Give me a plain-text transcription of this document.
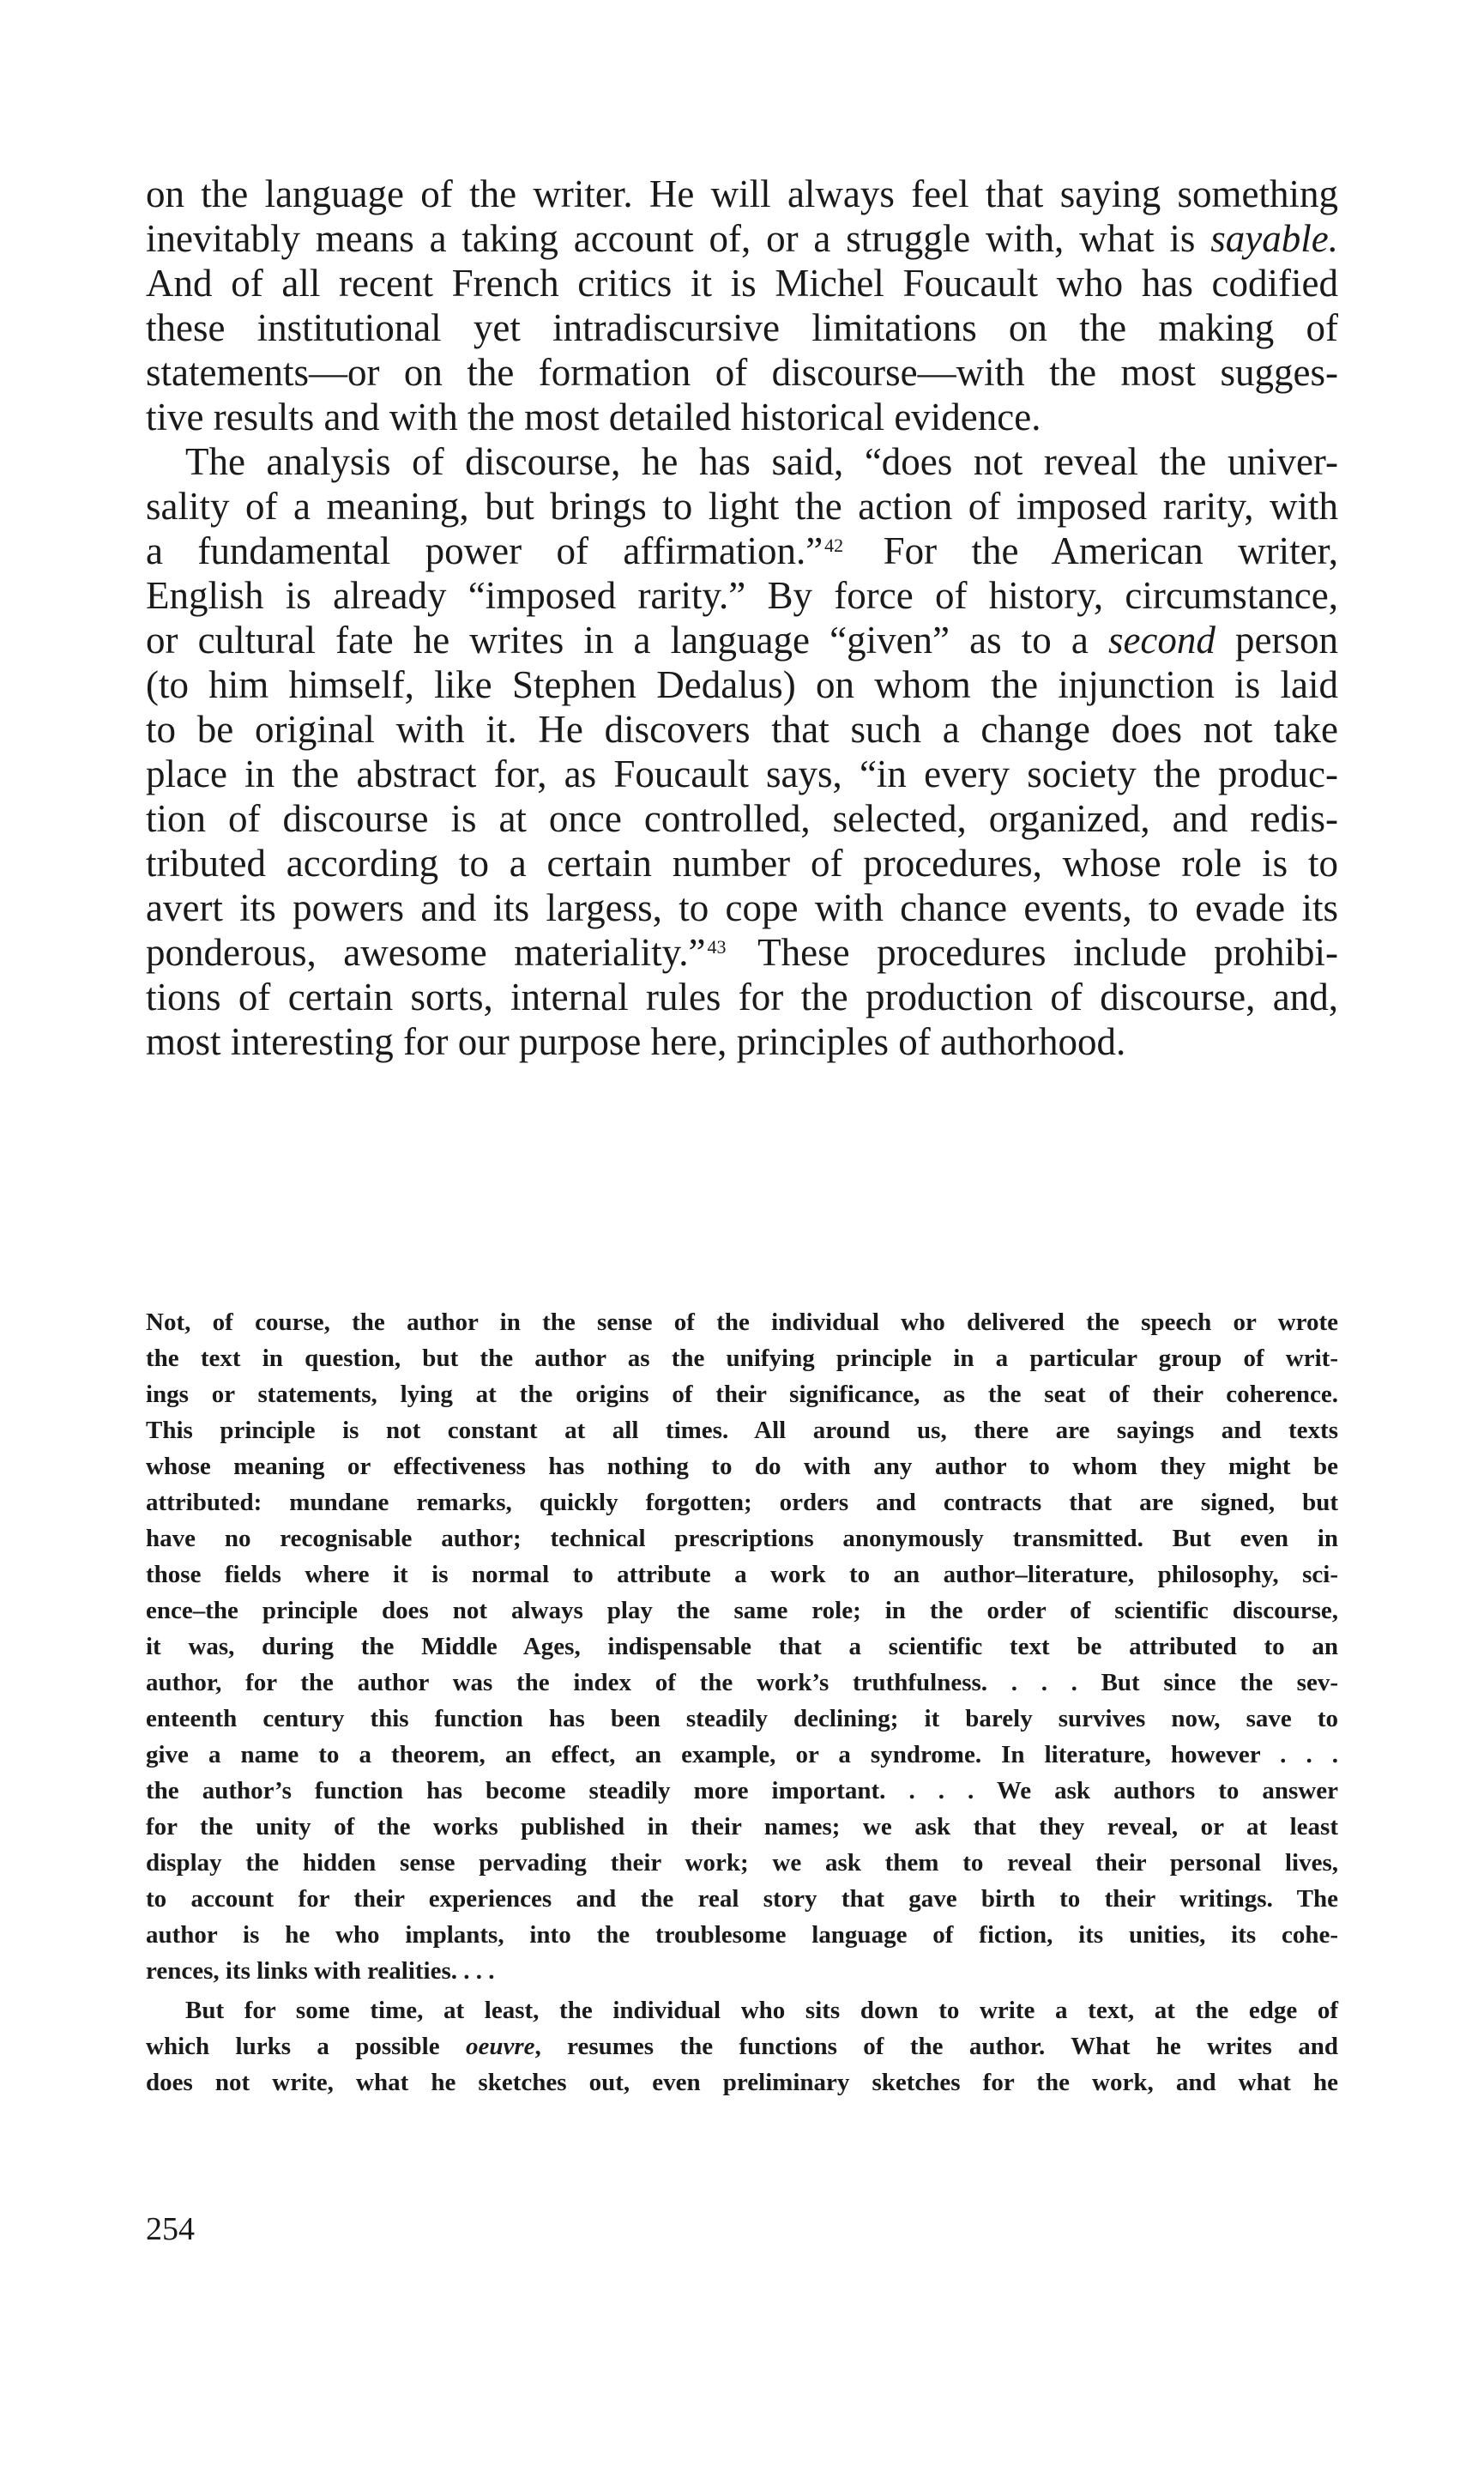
on the language of the writer. He will always feel that saying something
inevitably means a taking account of, or a struggle with, what is sayable.
And of all recent French critics it is Michel Foucault who has codified
these institutional yet intradiscursive limitations on the making of
statements—or on the formation of discourse—with the most sugges-
tive results and with the most detailed historical evidence.

The analysis of discourse, he has said, “does not reveal the univer-
sality of a meaning, but brings to light the action of imposed rarity, with
a fundamental power of affirmation.”$^{42}$ For the American writer,
English is already “imposed rarity.” By force of history, circumstance,
or cultural fate he writes in a language “given” as to a second person
(to him himself, like Stephen Dedalus) on whom the injunction is laid
to be original with it. He discovers that such a change does not take
place in the abstract for, as Foucault says, “in every society the produc-
tion of discourse is at once controlled, selected, organized, and redis-
tributed according to a certain number of procedures, whose role is to
avert its powers and its largess, to cope with chance events, to evade its
ponderous, awesome materiality.”$^{43}$ These procedures include prohibi-
tions of certain sorts, internal rules for the production of discourse, and,
most interesting for our purpose here, principles of authorhood.

Not, of course, the author in the sense of the individual who delivered the speech or wrote
the text in question, but the author as the unifying principle in a particular group of writ-
ings or statements, lying at the origins of their significance, as the seat of their coherence.
This principle is not constant at all times. All around us, there are sayings and texts
whose meaning or effectiveness has nothing to do with any author to whom they might be
attributed: mundane remarks, quickly forgotten; orders and contracts that are signed, but
have no recognisable author; technical prescriptions anonymously transmitted. But even in
those fields where it is normal to attribute a work to an author–literature, philosophy, sci-
ence–the principle does not always play the same role; in the order of scientific discourse,
it was, during the Middle Ages, indispensable that a scientific text be attributed to an
author, for the author was the index of the work’s truthfulness. . . . But since the sev-
enteenth century this function has been steadily declining; it barely survives now, save to
give a name to a theorem, an effect, an example, or a syndrome. In literature, however . . .
the author’s function has become steadily more important. . . . We ask authors to answer
for the unity of the works published in their names; we ask that they reveal, or at least
display the hidden sense pervading their work; we ask them to reveal their personal lives,
to account for their experiences and the real story that gave birth to their writings. The
author is he who implants, into the troublesome language of fiction, its unities, its cohe-
rences, its links with realities. . . .
But for some time, at least, the individual who sits down to write a text, at the edge of
which lurks a possible oeuvre, resumes the functions of the author. What he writes and
does not write, what he sketches out, even preliminary sketches for the work, and what he
254
